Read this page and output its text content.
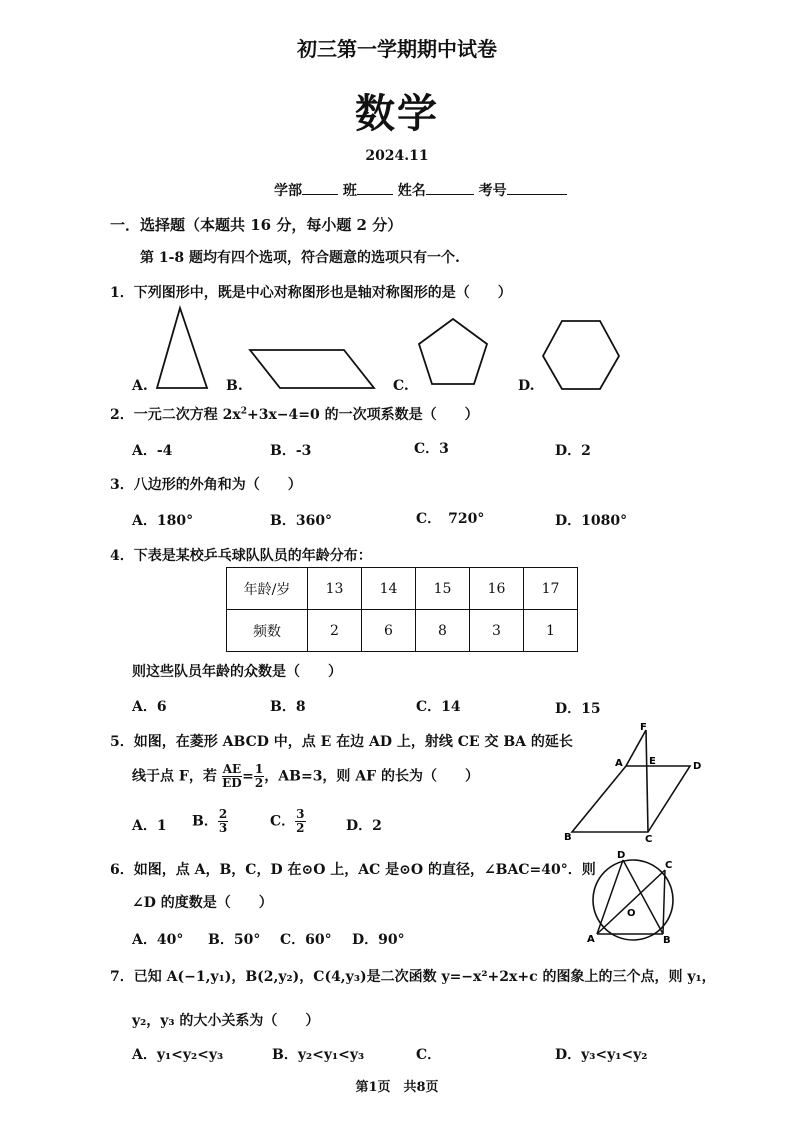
初三第一学期期中试卷
数学
2024.11
学部	班	姓名	考号
一．选择题（本题共 16 分，每小题 2 分）
第 1-8 题均有四个选项，符合题意的选项只有一个.
1．下列图形中，既是中心对称图形也是轴对称图形的是（　　）
A.	B.	C.	D.
2．一元二次方程 $2x^2+3x-4=0$ 的一次项系数是（　　）
A．-4	B．-3	C．3	D．2
3．八边形的外角和为（　　）
A．180°	B．360°	C．　720°	D．1080°
4．下表是某校乒乓球队队员的年龄分布：
年龄/岁	13	14	15	16	17
频数	2	6	8	3	1
则这些队员年龄的众数是（　　）
A．6	B．8	C．14	D．15
5．如图，在菱形 ABCD 中，点 E 在边 AD 上，射线 CE 交 BA 的延长
线于点 F，若 $\frac{AE}{ED} = \frac{1}{2}$ ，AB=3，则 AF 的长为（　　）
A．1 B． $\frac{2}{3}$	C． $\frac{3}{2}$	D．2
F
A	E	D
B	C
6．如图，点 A，B，C，D 在⊙O 上，AC 是⊙O 的直径，∠BAC=40°．则
∠D 的度数是（　　）
A．40° B．50° C．60° D．90°	A	B
C
D
O
7．已知 A(−1,y₁)，B(2,y₂)，C(4,y₃)是二次函数 y=−x²+2x+c 的图象上的三个点，则 y₁，
y₂，y₃ 的大小关系为（　　）
A．y₁<y₂<y₃	B．y₂<y₁<y₃	C．	D．y₃<y₁<y₂
第1页　共8页
